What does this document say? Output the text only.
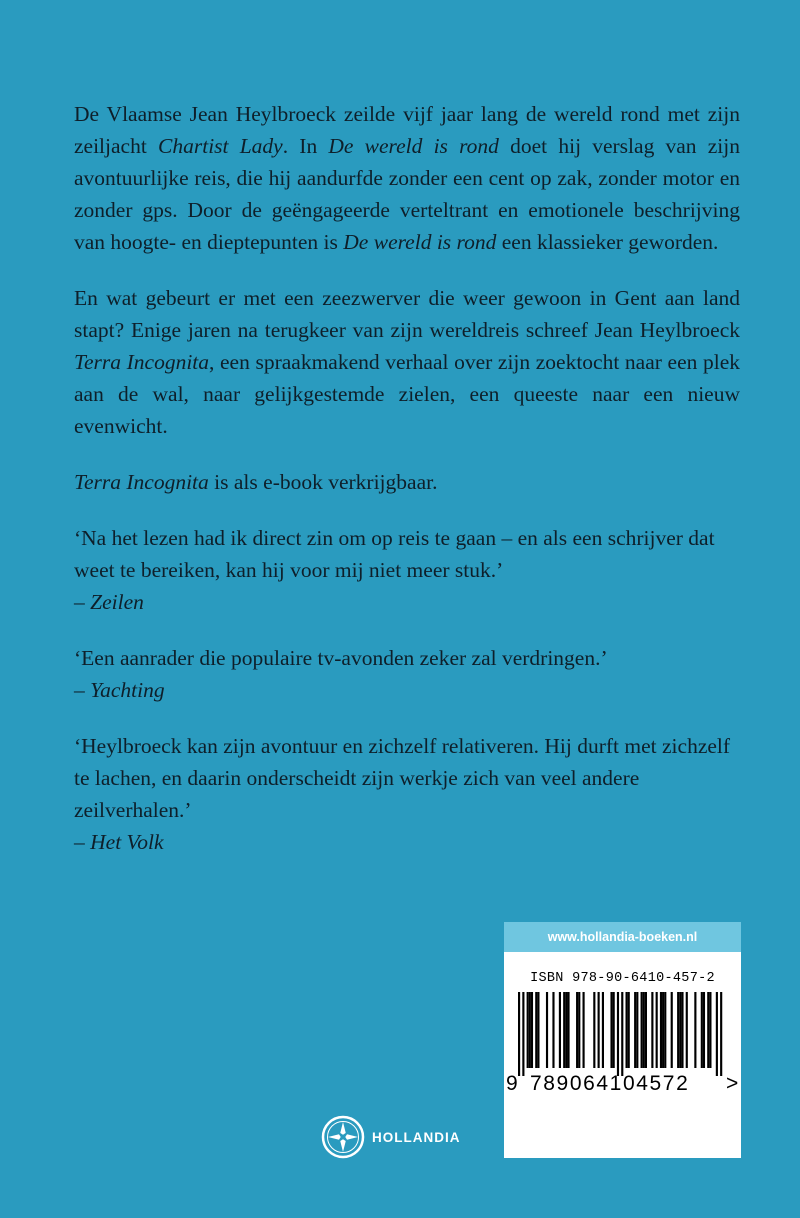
De Vlaamse Jean Heylbroeck zeilde vijf jaar lang de wereld rond met zijn zeiljacht Chartist Lady. In De wereld is rond doet hij verslag van zijn avontuurlijke reis, die hij aandurfde zonder een cent op zak, zonder motor en zonder gps. Door de geëngageerde verteltrant en emotionele beschrijving van hoogte- en dieptepunten is De wereld is rond een klassieker geworden.

En wat gebeurt er met een zeezwerver die weer gewoon in Gent aan land stapt? Enige jaren na terugkeer van zijn wereldreis schreef Jean Heylbroeck Terra Incognita, een spraakmakend verhaal over zijn zoektocht naar een plek aan de wal, naar gelijkgestemde zielen, een queeste naar een nieuw evenwicht.

Terra Incognita is als e-book verkrijgbaar.

‘Na het lezen had ik direct zin om op reis te gaan – en als een schrijver dat weet te bereiken, kan hij voor mij niet meer stuk.’
– Zeilen

‘Een aanrader die populaire tv-avonden zeker zal verdringen.’
– Yachting

‘Heylbroeck kan zijn avontuur en zichzelf relativeren. Hij durft met zichzelf te lachen, en daarin onderscheidt zijn werkje zich van veel andere zeilverhalen.’
– Het Volk

HOLLANDIA
www.hollandia-boeken.nl
ISBN 978-90-6410-457-2
9 789064104572 >
